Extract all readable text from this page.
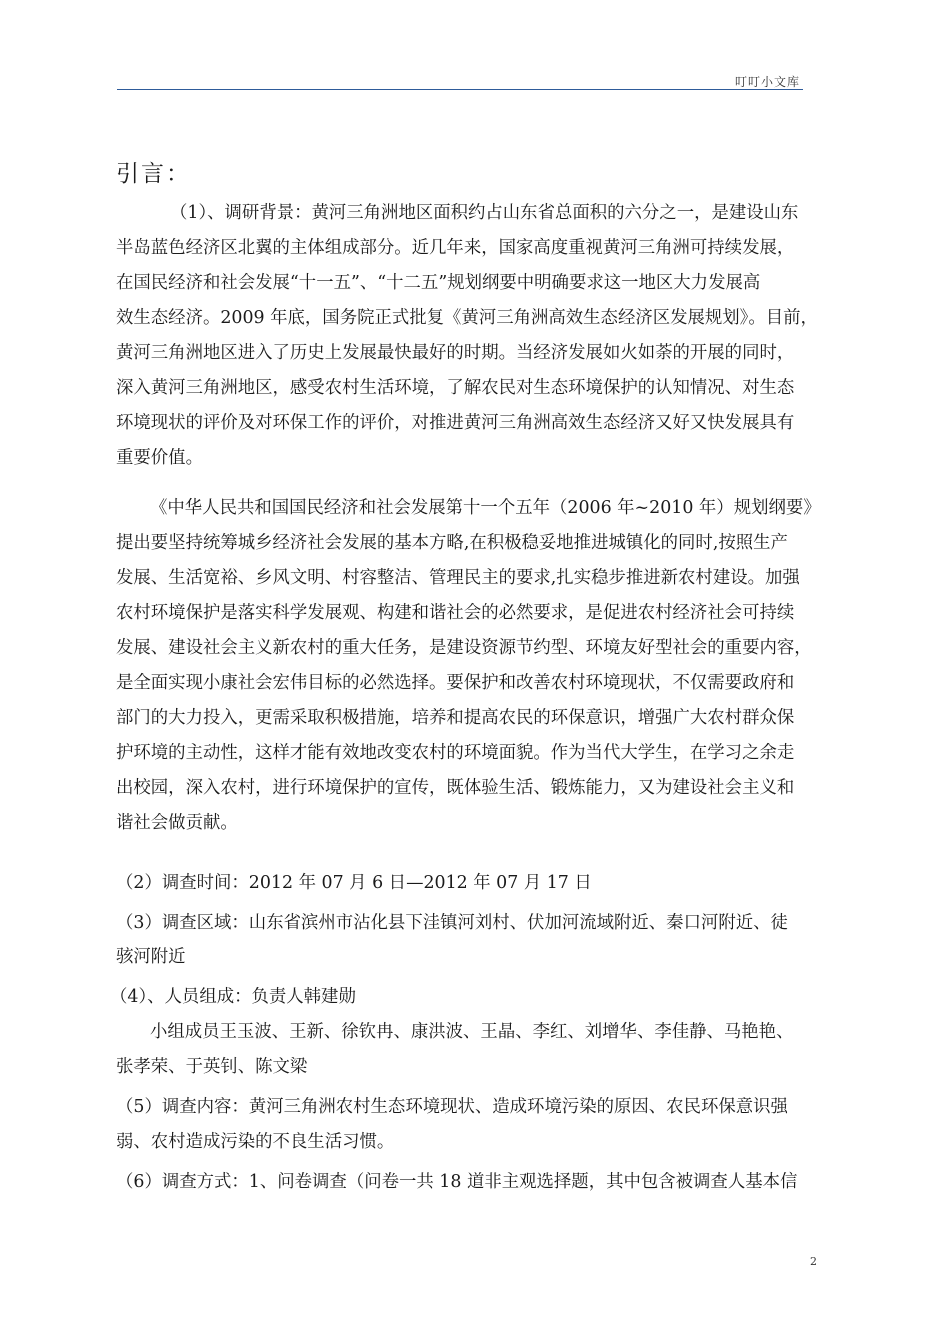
叮叮小文库
引言：
（1）、调研背景：黄河三角洲地区面积约占山东省总面积的六分之一，是建设山东
半岛蓝色经济区北翼的主体组成部分。近几年来，国家高度重视黄河三角洲可持续发展，
在国民经济和社会发展“十一五”、“十二五”规划纲要中明确要求这一地区大力发展高
效生态经济。2009 年底，国务院正式批复《黄河三角洲高效生态经济区发展规划》。目前，
黄河三角洲地区进入了历史上发展最快最好的时期。当经济发展如火如荼的开展的同时，
深入黄河三角洲地区，感受农村生活环境，了解农民对生态环境保护的认知情况、对生态
环境现状的评价及对环保工作的评价，对推进黄河三角洲高效生态经济又好又快发展具有
重要价值。
《中华人民共和国国民经济和社会发展第十一个五年（2006 年~2010 年）规划纲要》
提出要坚持统筹城乡经济社会发展的基本方略,在积极稳妥地推进城镇化的同时,按照生产
发展、生活宽裕、乡风文明、村容整洁、管理民主的要求,扎实稳步推进新农村建设。加强
农村环境保护是落实科学发展观、构建和谐社会的必然要求，是促进农村经济社会可持续
发展、建设社会主义新农村的重大任务，是建设资源节约型、环境友好型社会的重要内容，
是全面实现小康社会宏伟目标的必然选择。要保护和改善农村环境现状，不仅需要政府和
部门的大力投入，更需采取积极措施，培养和提高农民的环保意识，增强广大农村群众保
护环境的主动性，这样才能有效地改变农村的环境面貌。作为当代大学生，在学习之余走
出校园，深入农村，进行环境保护的宣传，既体验生活、锻炼能力，又为建设社会主义和
谐社会做贡献。
（2）调查时间：2012 年 07 月 6 日—2012 年 07 月 17 日
（3）调查区域：山东省滨州市沾化县下洼镇河刘村、伏加河流域附近、秦口河附近、徒
骇河附近
（4）、人员组成：负责人韩建勋
小组成员王玉波、王新、徐钦冉、康洪波、王晶、李红、刘增华、李佳静、马艳艳、
张孝荣、于英钊、陈文梁
（5）调查内容：黄河三角洲农村生态环境现状、造成环境污染的原因、农民环保意识强
弱、农村造成污染的不良生活习惯。
（6）调查方式：1、问卷调查（问卷一共 18 道非主观选择题，其中包含被调查人基本信
2
